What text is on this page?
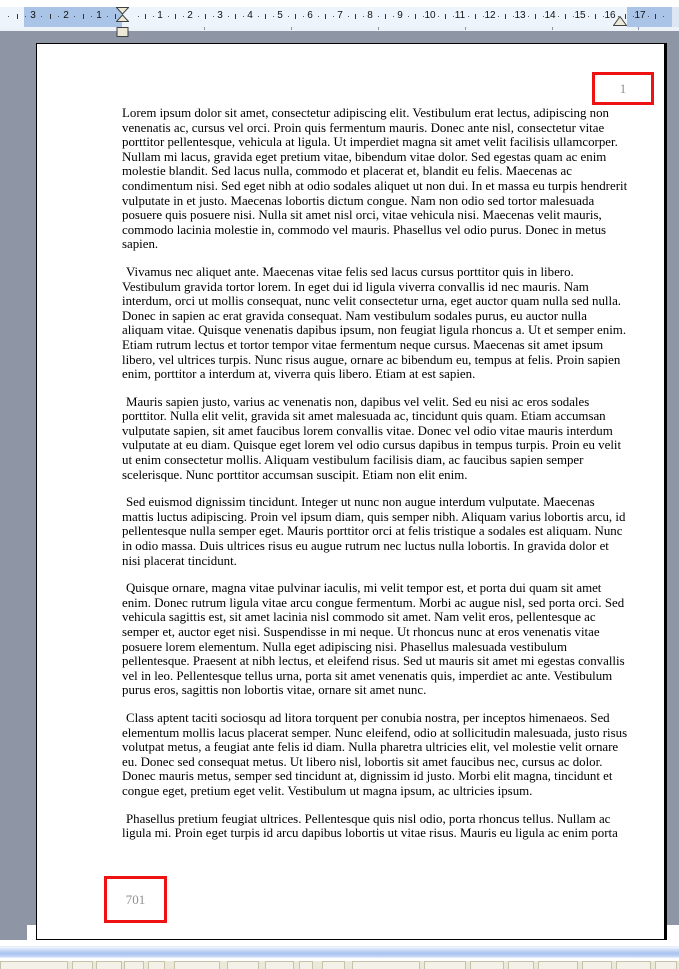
3	2	1	1	2	3	4	5	6	7	8	9	10 11 12 13 14 15 16 17
1

Lorem ipsum dolor sit amet, consectetur adipiscing elit. Vestibulum erat lectus, adipiscing non venenatis ac, cursus vel orci. Proin quis fermentum mauris. Donec ante nisl, consectetur vitae porttitor pellentesque, vehicula at ligula. Ut imperdiet magna sit amet velit facilisis ullamcorper. Nullam mi lacus, gravida eget pretium vitae, bibendum vitae dolor. Sed egestas quam ac enim molestie blandit. Sed lacus nulla, commodo et placerat et, blandit eu felis. Maecenas ac condimentum nisi. Sed eget nibh at odio sodales aliquet ut non dui. In et massa eu turpis hendrerit vulputate in et justo. Maecenas lobortis dictum congue. Nam non odio sed tortor malesuada posuere quis posuere nisi. Nulla sit amet nisl orci, vitae vehicula nisi. Maecenas velit mauris, commodo lacinia molestie in, commodo vel mauris. Phasellus vel odio purus. Donec in metus sapien.

Vivamus nec aliquet ante. Maecenas vitae felis sed lacus cursus porttitor quis in libero. Vestibulum gravida tortor lorem. In eget dui id ligula viverra convallis id nec mauris. Nam interdum, orci ut mollis consequat, nunc velit consectetur urna, eget auctor quam nulla sed nulla. Donec in sapien ac erat gravida consequat. Nam vestibulum sodales purus, eu auctor nulla aliquam vitae. Quisque venenatis dapibus ipsum, non feugiat ligula rhoncus a. Ut et semper enim. Etiam rutrum lectus et tortor tempor vitae fermentum neque cursus. Maecenas sit amet ipsum libero, vel ultrices turpis. Nunc risus augue, ornare ac bibendum eu, tempus at felis. Proin sapien enim, porttitor a interdum at, viverra quis libero. Etiam at est sapien.

Mauris sapien justo, varius ac venenatis non, dapibus vel velit. Sed eu nisi ac eros sodales porttitor. Nulla elit velit, gravida sit amet malesuada ac, tincidunt quis quam. Etiam accumsan vulputate sapien, sit amet faucibus lorem convallis vitae. Donec vel odio vitae mauris interdum vulputate at eu diam. Quisque eget lorem vel odio cursus dapibus in tempus turpis. Proin eu velit ut enim consectetur mollis. Aliquam vestibulum facilisis diam, ac faucibus sapien semper scelerisque. Nunc porttitor accumsan suscipit. Etiam non elit enim.

Sed euismod dignissim tincidunt. Integer ut nunc non augue interdum vulputate. Maecenas mattis luctus adipiscing. Proin vel ipsum diam, quis semper nibh. Aliquam varius lobortis arcu, id pellentesque nulla semper eget. Mauris porttitor orci at felis tristique a sodales est aliquam. Nunc in odio massa. Duis ultrices risus eu augue rutrum nec luctus nulla lobortis. In gravida dolor et nisi placerat tincidunt.

Quisque ornare, magna vitae pulvinar iaculis, mi velit tempor est, et porta dui quam sit amet enim. Donec rutrum ligula vitae arcu congue fermentum. Morbi ac augue nisl, sed porta orci. Sed vehicula sagittis est, sit amet lacinia nisl commodo sit amet. Nam velit eros, pellentesque ac semper et, auctor eget nisi. Suspendisse in mi neque. Ut rhoncus nunc at eros venenatis vitae posuere lorem elementum. Nulla eget adipiscing nisi. Phasellus malesuada vestibulum pellentesque. Praesent at nibh lectus, et eleifend risus. Sed ut mauris sit amet mi egestas convallis vel in leo. Pellentesque tellus urna, porta sit amet venenatis quis, imperdiet ac ante. Vestibulum purus eros, sagittis non lobortis vitae, ornare sit amet nunc.

Class aptent taciti sociosqu ad litora torquent per conubia nostra, per inceptos himenaeos. Sed elementum mollis lacus placerat semper. Nunc eleifend, odio at sollicitudin malesuada, justo risus volutpat metus, a feugiat ante felis id diam. Nulla pharetra ultricies elit, vel molestie velit ornare eu. Donec sed consequat metus. Ut libero nisl, lobortis sit amet faucibus nec, cursus ac dolor. Donec mauris metus, semper sed tincidunt at, dignissim id justo. Morbi elit magna, tincidunt et congue eget, pretium eget velit. Vestibulum ut magna ipsum, ac ultricies ipsum.

Phasellus pretium feugiat ultrices. Pellentesque quis nisl odio, porta rhoncus tellus. Nullam ac ligula mi. Proin eget turpis id arcu dapibus lobortis ut vitae risus. Mauris eu ligula ac enim porta

701
